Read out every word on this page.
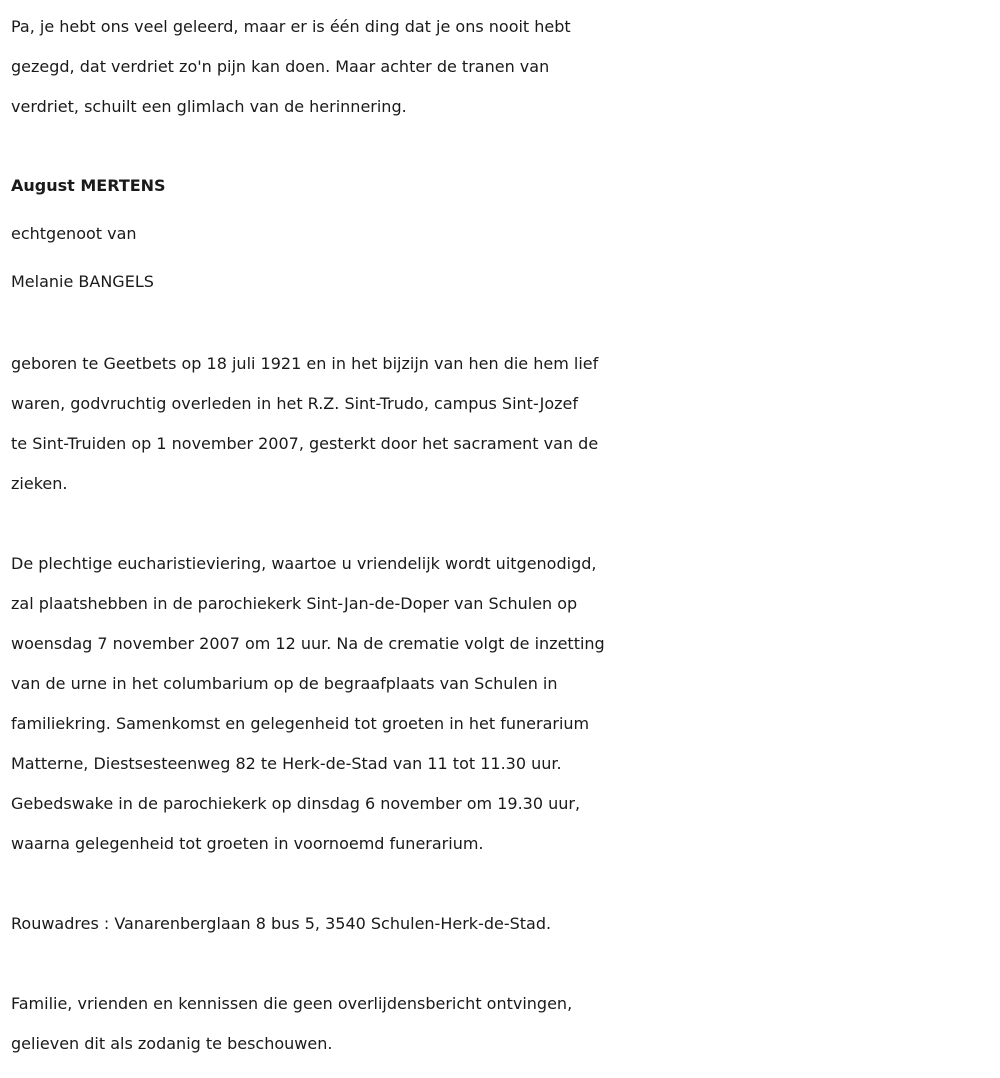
Pa, je hebt ons veel geleerd, maar er is één ding dat je ons nooit hebt
gezegd, dat verdriet zo'n pijn kan doen. Maar achter de tranen van
verdriet, schuilt een glimlach van de herinnering.
August MERTENS
echtgenoot van
Melanie BANGELS
geboren te Geetbets op 18 juli 1921 en in het bijzijn van hen die hem lief
waren, godvruchtig overleden in het R.Z. Sint-Trudo, campus Sint-Jozef
te Sint-Truiden op 1 november 2007, gesterkt door het sacrament van de
zieken.
De plechtige eucharistieviering, waartoe u vriendelijk wordt uitgenodigd,
zal plaatshebben in de parochiekerk Sint-Jan-de-Doper van Schulen op
woensdag 7 november 2007 om 12 uur. Na de crematie volgt de inzetting
van de urne in het columbarium op de begraafplaats van Schulen in
familiekring. Samenkomst en gelegenheid tot groeten in het funerarium
Matterne, Diestsesteenweg 82 te Herk-de-Stad van 11 tot 11.30 uur.
Gebedswake in de parochiekerk op dinsdag 6 november om 19.30 uur,
waarna gelegenheid tot groeten in voornoemd funerarium.
Rouwadres : Vanarenberglaan 8 bus 5, 3540 Schulen-Herk-de-Stad.
Familie, vrienden en kennissen die geen overlijdensbericht ontvingen,
gelieven dit als zodanig te beschouwen.
